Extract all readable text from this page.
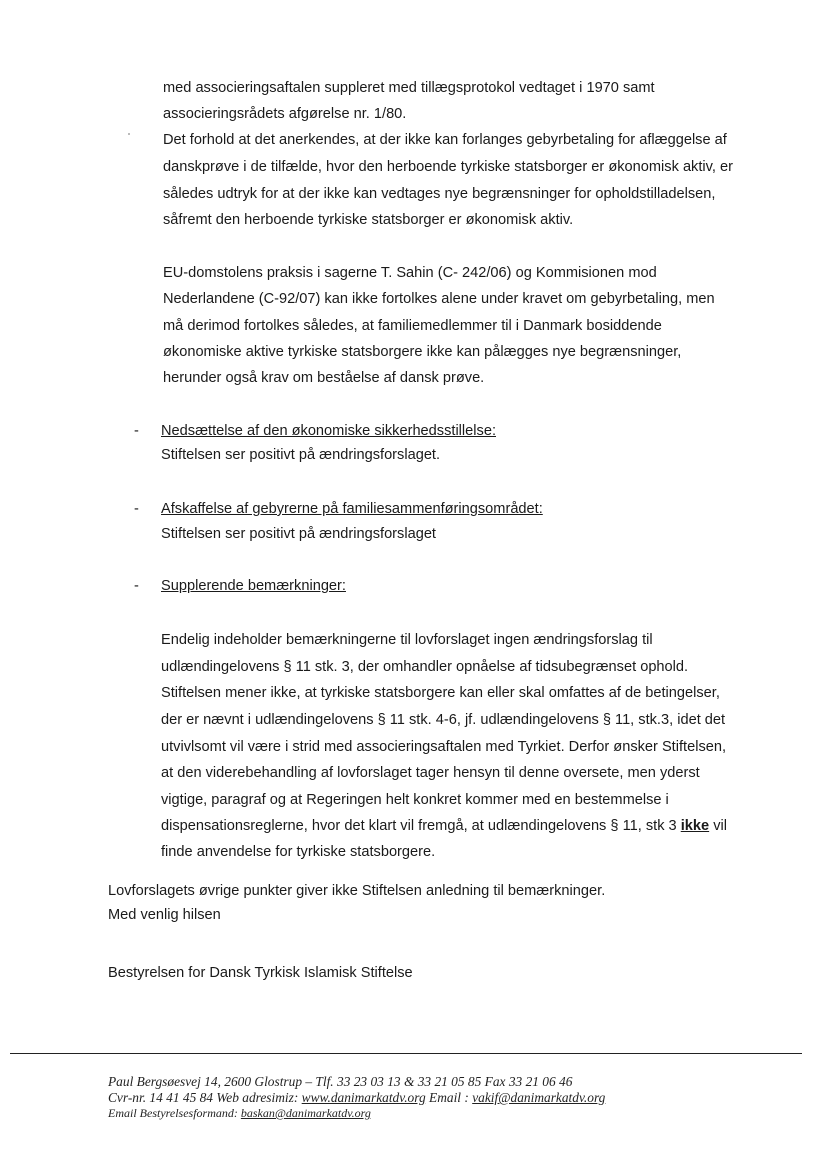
med associeringsaftalen suppleret med tillægsprotokol vedtaget i 1970 samt
associeringsrådets afgørelse nr. 1/80.
Det forhold at det anerkendes, at der ikke kan forlanges gebyrbetaling for aflæggelse af
danskprøve i de tilfælde, hvor den herboende tyrkiske statsborger er økonomisk aktiv, er
således udtryk for at der ikke kan vedtages nye begrænsninger for opholdstilladelsen,
såfremt den herboende tyrkiske statsborger er økonomisk aktiv.
EU-domstolens praksis i sagerne T. Sahin (C- 242/06) og Kommisionen mod
Nederlandene (C-92/07) kan ikke fortolkes alene under kravet om gebyrbetaling, men
må derimod fortolkes således, at familiemedlemmer til i Danmark bosiddende
økonomiske aktive tyrkiske statsborgere ikke kan pålægges nye begrænsninger,
herunder også krav om beståelse af dansk prøve.
- Nedsættelse af den økonomiske sikkerhedsstillelse:
Stiftelsen ser positivt på ændringsforslaget.
- Afskaffelse af gebyrerne på familiesammenføringsområdet:
Stiftelsen ser positivt på ændringsforslaget
- Supplerende bemærkninger:
Endelig indeholder bemærkningerne til lovforslaget ingen ændringsforslag til
udlændingelovens § 11 stk. 3, der omhandler opnåelse af tidsubegrænset ophold.
Stiftelsen mener ikke, at tyrkiske statsborgere kan eller skal omfattes af de betingelser,
der er nævnt i udlændingelovens § 11 stk. 4-6, jf. udlændingelovens § 11, stk.3, idet det
utvivlsomt vil være i strid med associeringsaftalen med Tyrkiet. Derfor ønsker Stiftelsen,
at den viderebehandling af lovforslaget tager hensyn til denne oversete, men yderst
vigtige, paragraf og at Regeringen helt konkret kommer med en bestemmelse i
dispensationsreglerne, hvor det klart vil fremgå, at udlændingelovens § 11, stk 3 ikke vil
finde anvendelse for tyrkiske statsborgere.
Lovforslagets øvrige punkter giver ikke Stiftelsen anledning til bemærkninger.
Med venlig hilsen
Bestyrelsen for Dansk Tyrkisk Islamisk Stiftelse
Paul Bergsøesvej 14, 2600 Glostrup – Tlf. 33 23 03 13 & 33 21 05 85 Fax 33 21 06 46
Cvr-nr. 14 41 45 84 Web adresimiz: www.danimarkatdv.org Email : vakif@danimarkatdv.org
Email Bestyrelsesformand: baskan@danimarkatdv.org
